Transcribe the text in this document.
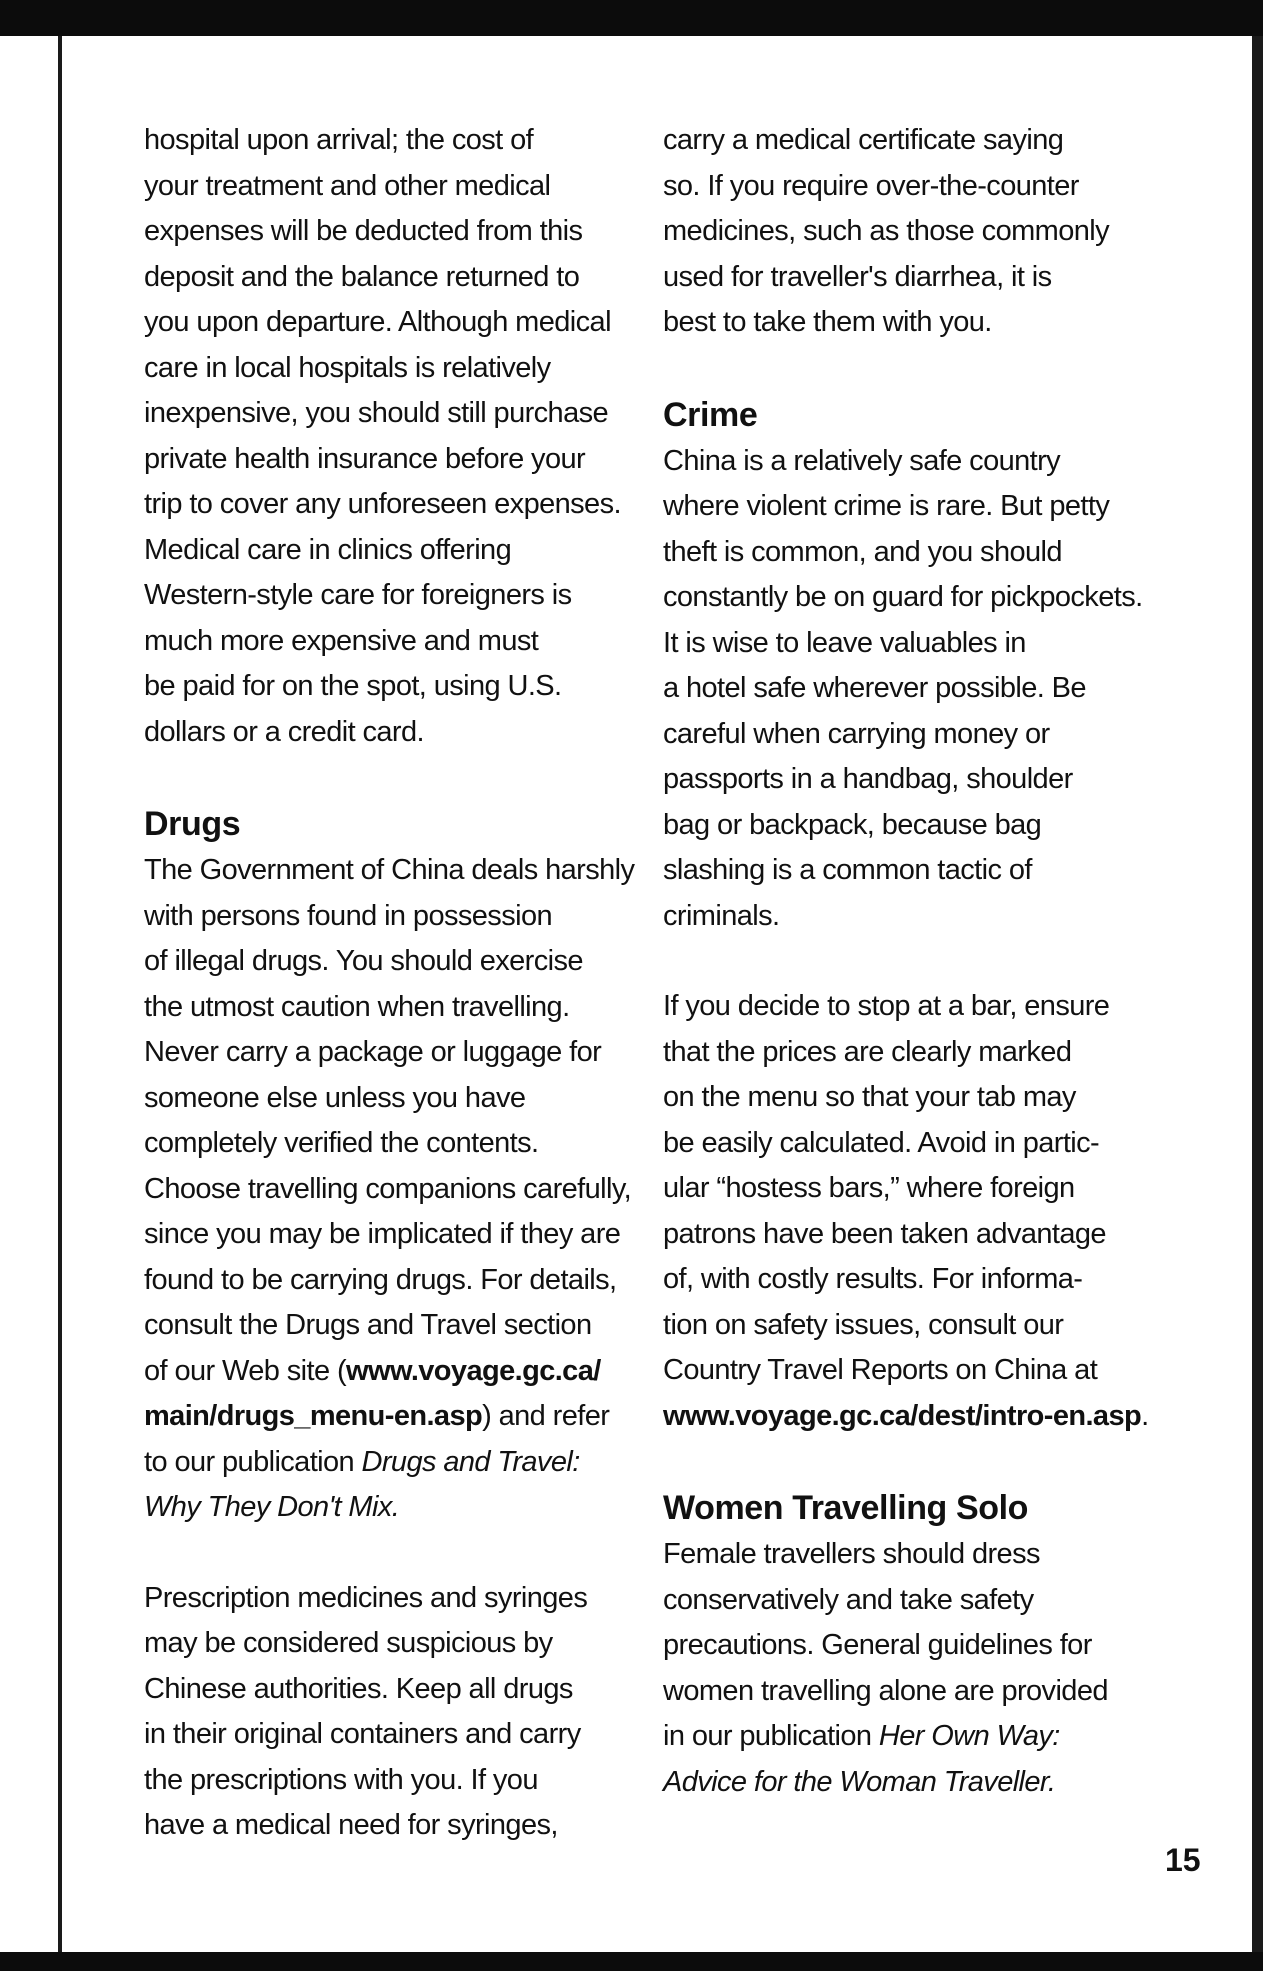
hospital upon arrival; the cost of
your treatment and other medical
expenses will be deducted from this
deposit and the balance returned to
you upon departure. Although medical
care in local hospitals is relatively
inexpensive, you should still purchase
private health insurance before your
trip to cover any unforeseen expenses.
Medical care in clinics offering
Western-style care for foreigners is
much more expensive and must
be paid for on the spot, using U.S.
dollars or a credit card.

Drugs

The Government of China deals harshly
with persons found in possession
of illegal drugs. You should exercise
the utmost caution when travelling.
Never carry a package or luggage for
someone else unless you have
completely verified the contents.
Choose travelling companions carefully,
since you may be implicated if they are
found to be carrying drugs. For details,
consult the Drugs and Travel section
of our Web site (www.voyage.gc.ca/
main/drugs_menu-en.asp) and refer
to our publication Drugs and Travel:
Why They Don't Mix.

Prescription medicines and syringes
may be considered suspicious by
Chinese authorities. Keep all drugs
in their original containers and carry
the prescriptions with you. If you
have a medical need for syringes,

carry a medical certificate saying
so. If you require over-the-counter
medicines, such as those commonly
used for traveller's diarrhea, it is
best to take them with you.

Crime

China is a relatively safe country
where violent crime is rare. But petty
theft is common, and you should
constantly be on guard for pickpockets.
It is wise to leave valuables in
a hotel safe wherever possible. Be
careful when carrying money or
passports in a handbag, shoulder
bag or backpack, because bag
slashing is a common tactic of
criminals.

If you decide to stop at a bar, ensure
that the prices are clearly marked
on the menu so that your tab may
be easily calculated. Avoid in partic-
ular “hostess bars,” where foreign
patrons have been taken advantage
of, with costly results. For informa-
tion on safety issues, consult our
Country Travel Reports on China at
www.voyage.gc.ca/dest/intro-en.asp.

Women Travelling Solo

Female travellers should dress
conservatively and take safety
precautions. General guidelines for
women travelling alone are provided
in our publication Her Own Way:
Advice for the Woman Traveller.

15
